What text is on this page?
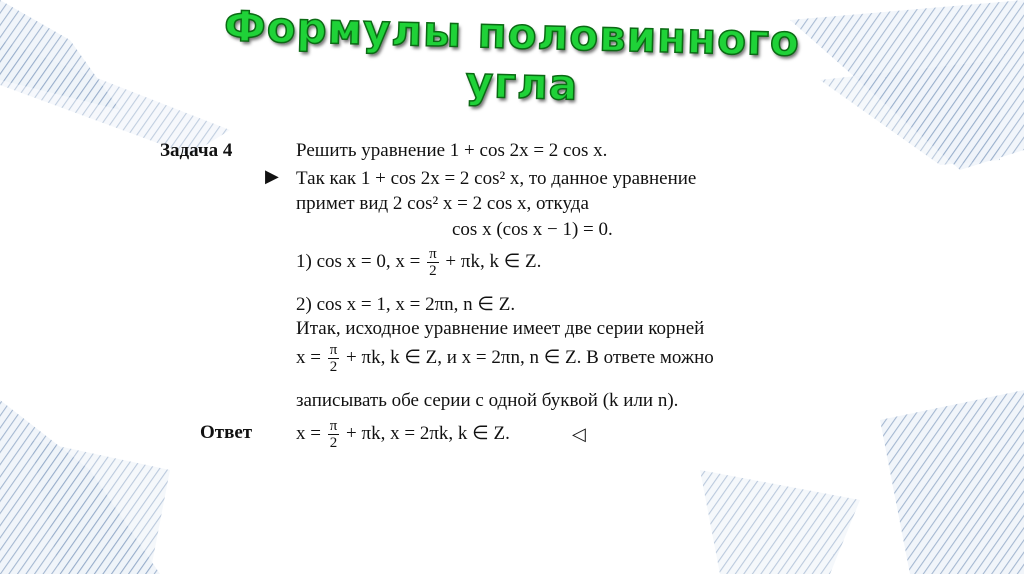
Формулы половинного
угла
Задача 4	Решить уравнение 1 + cos 2x = 2 cos x.
▶ Так как 1 + cos 2x = 2 cos² x, то данное уравнение
примет вид 2 cos² x = 2 cos x, откуда
cos x (cos x − 1) = 0.
1) cos x = 0, $x = \frac{\pi}{2} + \pi k$, k ∈ Z.
2) cos x = 1, x = 2πn, n ∈ Z.
Итак, исходное уравнение имеет две серии корней
$x = \frac{\pi}{2} + \pi k$, k ∈ Z, и x = 2πn, n ∈ Z. В ответе можно
записывать обе серии с одной буквой (k или n).
Ответ $x = \frac{\pi}{2} + \pi k$, x = 2πk, k ∈ Z.	◁
